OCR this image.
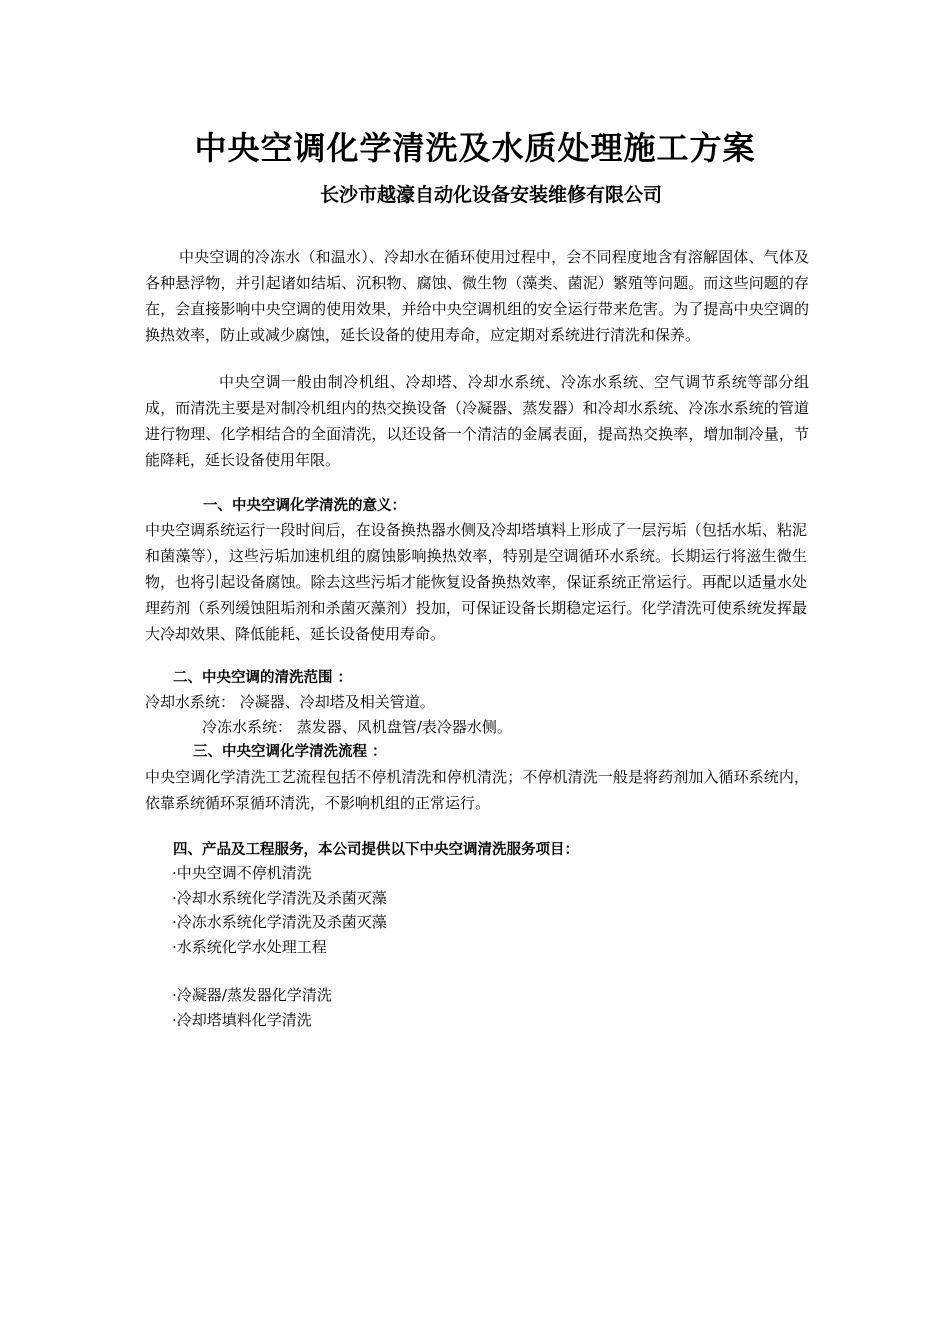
中央空调化学清洗及水质处理施工方案
长沙市越濠自动化设备安装维修有限公司

中央空调的冷冻水（和温水）、冷却水在循环使用过程中，会不同程度地含有溶解固体、气体及各种悬浮物，并引起诸如结垢、沉积物、腐蚀、微生物（藻类、菌泥）繁殖等问题。而这些问题的存在，会直接影响中央空调的使用效果，并给中央空调机组的安全运行带来危害。为了提高中央空调的换热效率，防止或减少腐蚀，延长设备的使用寿命，应定期对系统进行清洗和保养。

中央空调一般由制冷机组、冷却塔、冷却水系统、冷冻水系统、空气调节系统等部分组成，而清洗主要是对制冷机组内的热交换设备（冷凝器、蒸发器）和冷却水系统、冷冻水系统的管道进行物理、化学相结合的全面清洗，以还设备一个清洁的金属表面，提高热交换率，增加制冷量，节能降耗，延长设备使用年限。

一、中央空调化学清洗的意义：

中央空调系统运行一段时间后，在设备换热器水侧及冷却塔填料上形成了一层污垢（包括水垢、粘泥和菌藻等），这些污垢加速机组的腐蚀影响换热效率，特别是空调循环水系统。长期运行将滋生微生物，也将引起设备腐蚀。除去这些污垢才能恢复设备换热效率，保证系统正常运行。再配以适量水处理药剂（系列缓蚀阻垢剂和杀菌灭藻剂）投加，可保证设备长期稳定运行。化学清洗可使系统发挥最大冷却效果、降低能耗、延长设备使用寿命。

二、中央空调的清洗范围 ：

冷却水系统： 冷凝器、冷却塔及相关管道。

冷冻水系统： 蒸发器、风机盘管/表冷器水侧。

三、中央空调化学清洗流程 ：

中央空调化学清洗工艺流程包括不停机清洗和停机清洗；不停机清洗一般是将药剂加入循环系统内，依靠系统循环泵循环清洗，不影响机组的正常运行。

四、产品及工程服务，本公司提供以下中央空调清洗服务项目：
·中央空调不停机清洗
·冷却水系统化学清洗及杀菌灭藻
·冷冻水系统化学清洗及杀菌灭藻
·水系统化学水处理工程
·冷凝器/蒸发器化学清洗
·冷却塔填料化学清洗
